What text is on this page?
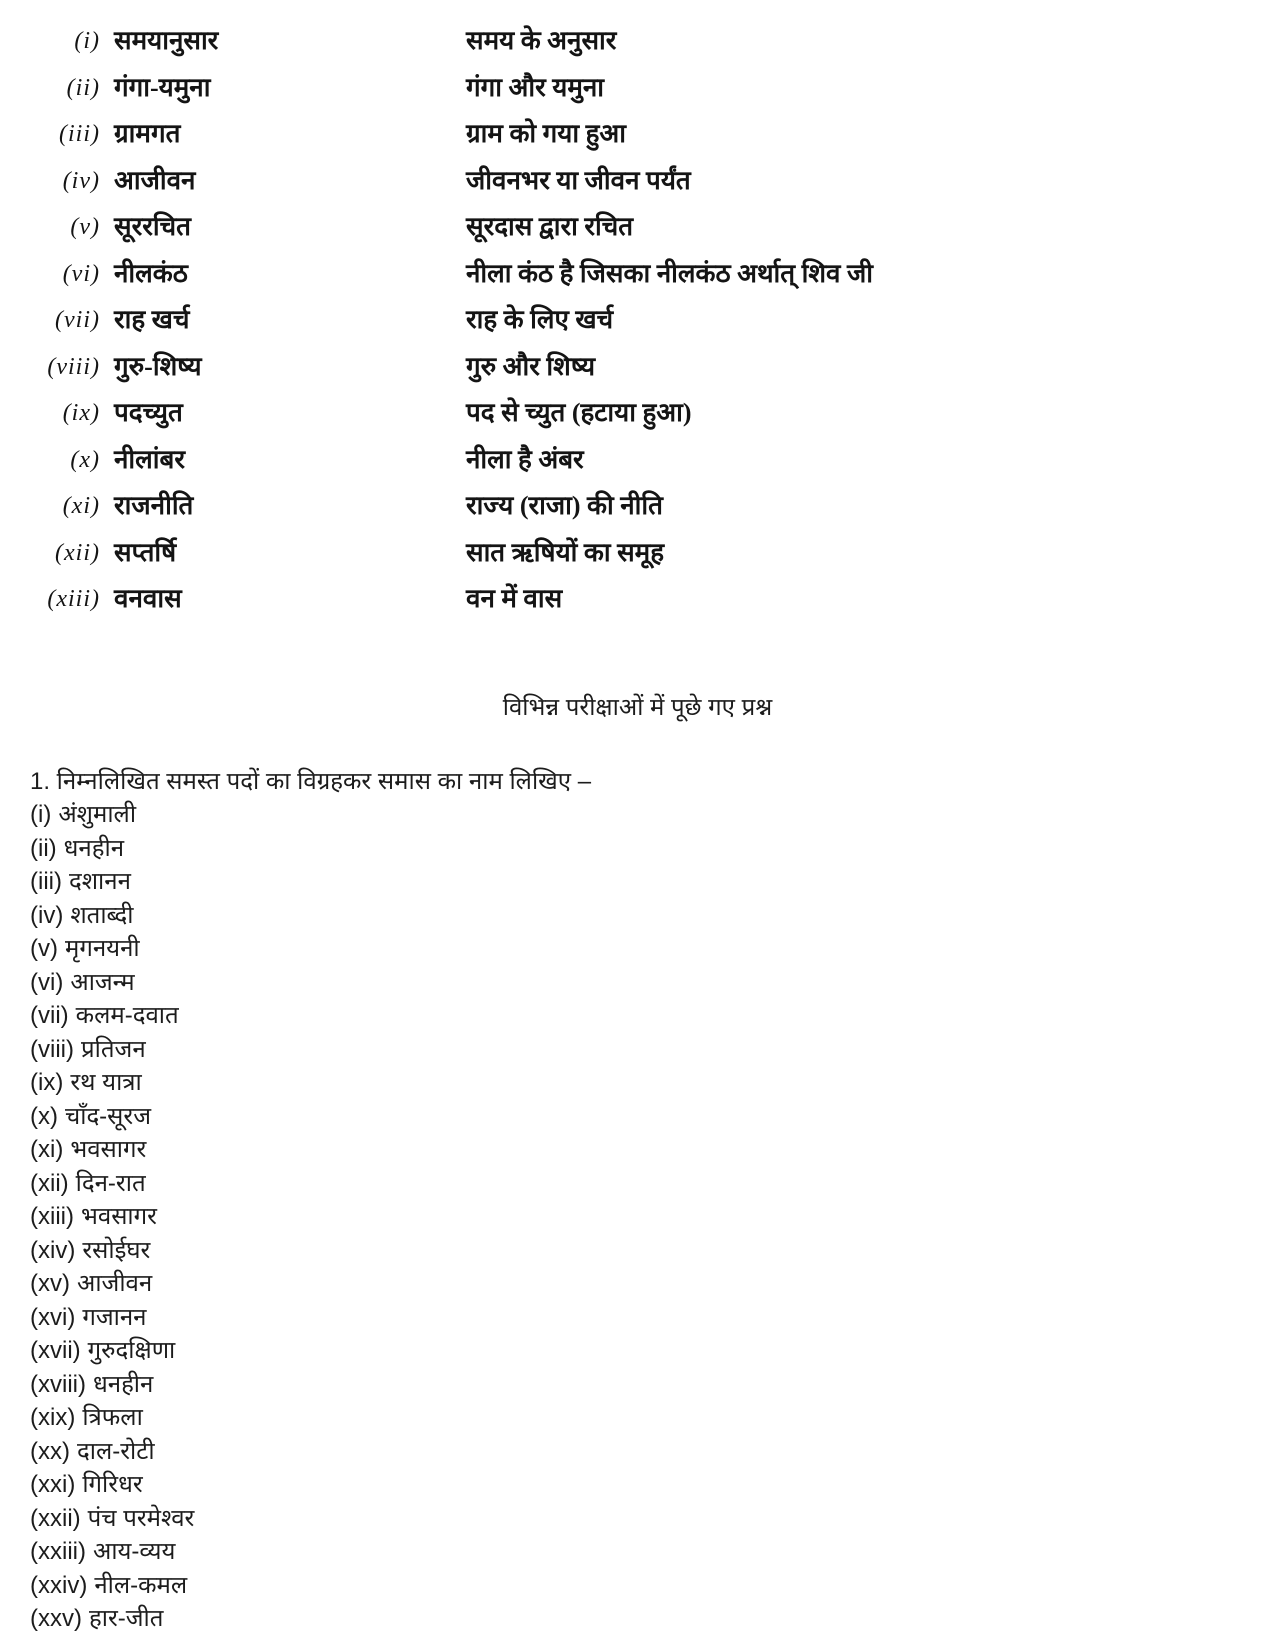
(i) समयानुसार	समय के अनुसार
(ii) गंगा-यमुना	गंगा और यमुना
(iii) ग्रामगत	ग्राम को गया हुआ
(iv) आजीवन	जीवनभर या जीवन पर्यंत
(v) सूररचित	सूरदास द्वारा रचित
(vi) नीलकंठ	नीला कंठ है जिसका नीलकंठ अर्थात् शिव जी
(vii) राह खर्च	राह के लिए खर्च
(viii) गुरु-शिष्य	गुरु और शिष्य
(ix) पदच्युत	पद से च्युत (हटाया हुआ)
(x) नीलांबर	नीला है अंबर
(xi) राजनीति	राज्य (राजा) की नीति
(xii) सप्तर्षि	सात ऋषियों का समूह
(xiii) वनवास	वन में वास
विभिन्न परीक्षाओं में पूछे गए प्रश्न
1. निम्नलिखित समस्त पदों का विग्रहकर समास का नाम लिखिए –
(i) अंशुमाली
(ii) धनहीन
(iii) दशानन
(iv) शताब्दी
(v) मृगनयनी
(vi) आजन्म
(vii) कलम-दवात
(viii) प्रतिजन
(ix) रथ यात्रा
(x) चाँद-सूरज
(xi) भवसागर
(xii) दिन-रात
(xiii) भवसागर
(xiv) रसोईघर
(xv) आजीवन
(xvi) गजानन
(xvii) गुरुदक्षिणा
(xviii) धनहीन
(xix) त्रिफला
(xx) दाल-रोटी
(xxi) गिरिधर
(xxii) पंच परमेश्वर
(xxiii) आय-व्यय
(xxiv) नील-कमल
(xxv) हार-जीत
